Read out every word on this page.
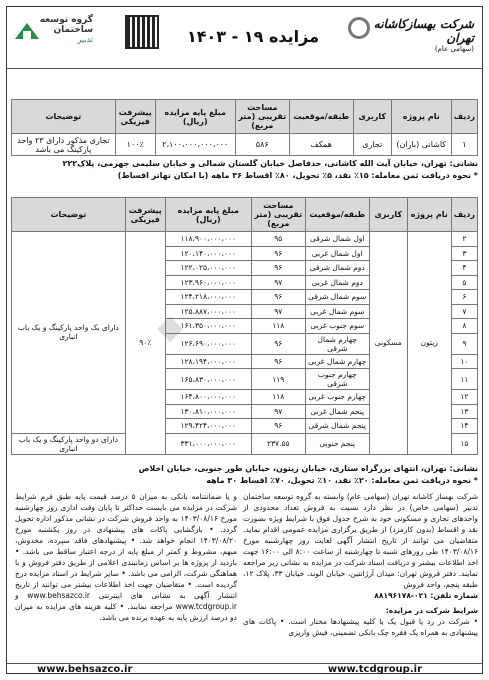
گروه توسعه ساختمان
تدبیر	مزایده ۱۹ - ۱۴۰۳
شرکت بهسازکاشانه تهران
(سهامی عام)
◆
ردیف	نام پروژه	کاربری	طبقه/موقعیت	مساحت تقریبی (متر مربع)	مبلغ پایه مزایده (ریال)	پیشرفت فیزیکی	توضیحات
۱	کاشانی (باران)	تجاری	همکف	۵۸۶	۲،۱۰۰،۰۰۰،۰۰۰،۰۰۰	۱۰۰٪	تجاری مذکور دارای ۲۳ واحد پارکینگ می باشد
نشانی: تهران، خیابان آیت الله کاشانی، حدفاصل خیابان گلستان شمالی و خیابان سلیمی جهرمی، پلاک۲۲۲
* نحوه دریافت ثمن معامله: ۱۵٪ نقد، ۵٪ تحویل، ۸۰٪ اقساط ۳۶ ماهه (با امکان تهاتر اقساط)
ردیف	نام پروژه	کاربری	طبقه/موقعیت	مساحت تقریبی (متر مربع)	مبلغ پایه مزایده (ریال)	پیشرفت فیزیکی	توضیحات
۲	زیتون	مسکونی	اول شمال شرقی	۹۵	۱۱۸،۹۰۰،۰۰۰،۰۰۰	۹۰٪	دارای یک واحد پارکینگ و یک باب انباری
۳			اول شمال غربی	۹۶	۱۲۰،۱۴۰،۰۰۰،۰۰۰		
۴			دوم شمال شرقی	۹۶	۱۲۲،۰۲۵،۰۰۰،۰۰۰		
۵			دوم شمال غربی	۹۷	۱۲۳،۹۶۰،۰۰۰،۰۰۰		
۶			سوم شمال شرقی	۹۶	۱۲۴،۲۱۸،۰۰۰،۰۰۰		
۷			سوم شمال غربی	۹۷	۱۲۵،۸۸۷،۰۰۰،۰۰۰		
۸			سوم جنوب غربی	۱۱۸	۱۶۱،۳۵۰،۰۰۰،۰۰۰		
۹			چهارم شمال شرقی	۹۶	۱۲۶،۶۹۰،۰۰۰،۰۰۰		
۱۰			چهارم شمال غربی	۹۶	۱۲۸،۱۹۴،۰۰۰،۰۰۰		
۱۱			چهارم جنوب شرقی	۱۱۹	۱۶۵،۸۳۰،۰۰۰،۰۰۰		
۱۲			چهارم جنوب غربی	۱۱۸	۱۶۴،۸۰۰،۰۰۰،۰۰۰		
۱۳			پنجم شمال غربی	۹۷	۱۳۰،۸۱۰،۰۰۰،۰۰۰		
۱۴			پنجم شمال شرقی	۹۶	۱۲۹،۴۲۴،۰۰۰،۰۰۰		
۱۵			پنجم جنوبی	۲۳۷.۵۵	۳۳۱،۰۰۰،۰۰۰،۰۰۰		دارای دو واحد پارکینگ و یک باب انباری
نشانی: تهران، انتهای بزرگراه ستاری، خیابان زیتون، خیابان طور جنوبی، خیابان اخلاص
* نحوه دریافت ثمن معامله: ۲۰٪ نقد، ۱۰٪ تحویل، ۷۰٪ اقساط ۳۰ ماهه
شرکت بهساز کاشانه تهران (سهامی عام) وابسته به گروه توسعه ساختمان تدبیر (سهامی خاص) در نظر دارد نسبت به فروش تعداد محدودی از واحدهای تجاری و مسکونی خود به شرح جدول فوق با شرایط ویژه بصورت نقد و اقساط (بدون کارمزد) از طریق برگزاری مزایده عمومی اقدام نماید. متقاضیان می توانند از تاریخ انتشار آگهی لغایت روز چهارشنبه مورخ ۱۴۰۳/۰۸/۱۶ طی روزهای شنبه تا چهارشنبه از ساعت ۸:۰۰ الی ۱۶:۰۰ جهت اخذ اطلاعات بیشتر و دریافت اسناد شرکت در مزایده به نشانی زیر مراجعه نمایند. دفتر فروش تهران: میدان آرژانتین، خیابان الوند، خیابان ۳۳، پلاک ۱۲، طبقه پنجم، واحد فروش
شماره تلفن: ۰۲۱-۸۸۱۹۶۱۷۸
شرایط شرکت در مزایده:
• شرکت در رد یا قبول یک یا کلیه پیشنهادها مختار است. • پاکات های پیشنهادی به همراه یک فقره چک بانکی تضمینی، فیش واریزی
و یا ضمانتنامه بانکی به میزان ۵ درصد قیمت پایه طبق فرم شرایط شرکت در مزایده می بایست حداکثر تا پایان وقت اداری روز چهارشنبه مورخ ۱۴۰۳/۰۸/۱۶ به واحد فروش شرکت در نشانی مذکور اداره تحویل گردد. • بازگشایی پاکات های پیشنهادی در روز یکشنبه مورخ ۱۴۰۳/۰۸/۲۰ انجام خواهد شد. • پیشنهادهای فاقد سپرده، مخدوش، مبهم، مشروط و کمتر از مبلغ پایه از درجه اعتبار ساقط می باشد. • بازدید از پروژه ها بر اساس زمانبندی اعلامی از طریق دفتر فروش و با هماهنگی شرکت، الزامی می باشد. • سایر شرایط در اسناد مزایده درج گردیده است. • متقاضیان جهت اخذ اطلاعات بیشتر می توانند از تاریخ انتشار آگهی به نشانی های اینترنتی www.behsazco.ir و www.tcdgroup.ir مراجعه نمایند. • کلیه هزینه های مزایده به میزان دو درصد ارزش پایه به عهده برنده می باشد.
www.behsazco.ir	www.tcdgroup.ir
